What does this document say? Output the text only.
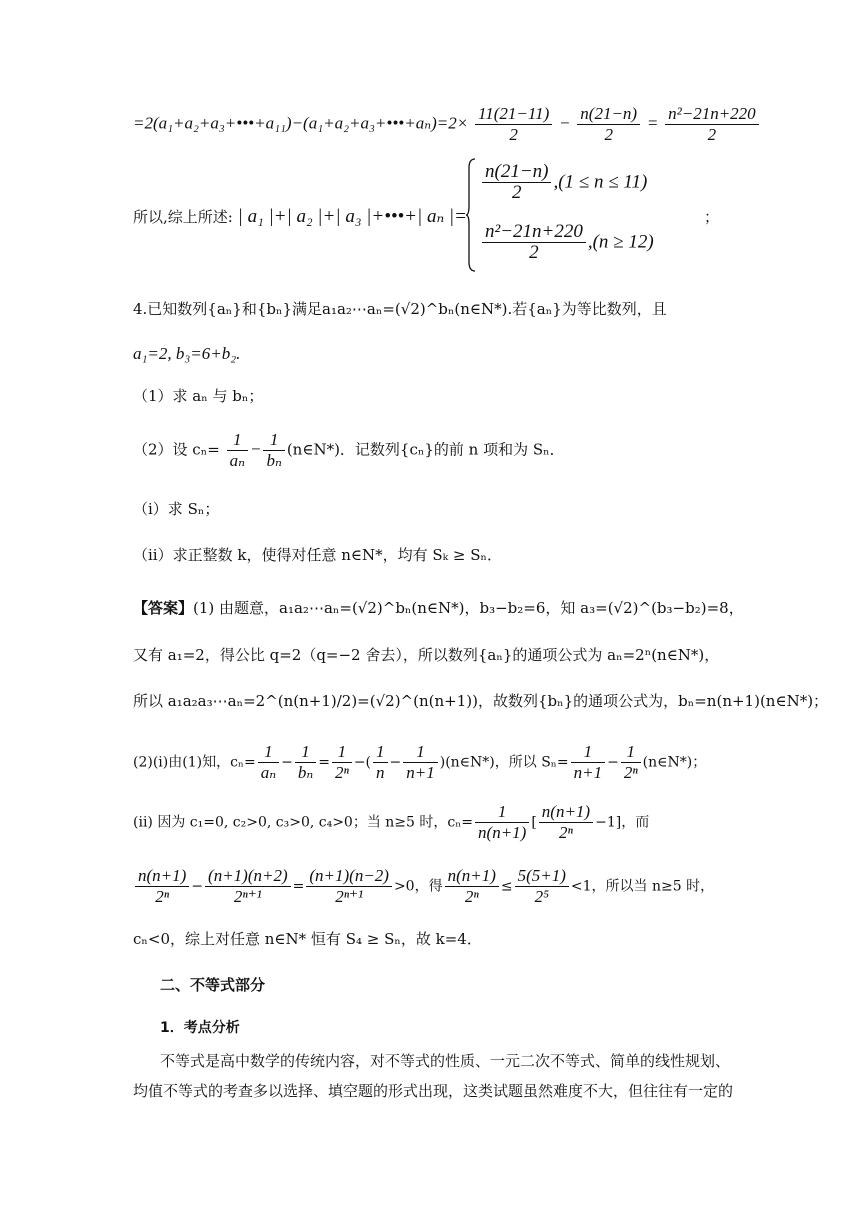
=2(a₁+a₂+a₃+•••+a₁₁)−(a₁+a₂+a₃+•••+aₙ)=2× $\frac{11(21-11)}{2} - \frac{n(21-n)}{2} = \frac{\text{n²−21n+220}}{2}$
所以,综上所述: | a₁ |+| a₂ |+| a₃ |+•••+| aₙ |=
$\frac{n(21-n)}{2} ,(1 \le n \le 11)$
$\frac{\text{n²−21n+220}}{2} ,(n \ge 12)$
；
4.已知数列{aₙ}和{bₙ}满足a₁a₂⋯aₙ=(√2)^bₙ(n∈N*).若{aₙ}为等比数列，且
a₁=2, b₃=6+b₂.
（1）求 aₙ 与 bₙ；
（2）设 $c_n= \frac{1}{\text{aₙ}} - \frac{1}{\text{bₙ}}$ (n∈N*)．记数列{cₙ}的前 n 项和为 Sₙ．
（i）求 Sₙ；
（ii）求正整数 k，使得对任意 n∈N*，均有 Sₖ ≥ Sₙ．
【答案】(1) 由题意，a₁a₂⋯aₙ=(√2)^bₙ(n∈N*)，b₃−b₂=6，知 a₃=(√2)^(b₃−b₂)=8，
又有 a₁=2，得公比 q=2（q=−2 舍去），所以数列{aₙ}的通项公式为 aₙ=2ⁿ(n∈N*)，
所以 a₁a₂a₃⋯aₙ=2^(n(n+1)/2)=(√2)^(n(n+1))，故数列{bₙ}的通项公式为，bₙ=n(n+1)(n∈N*)；
(2)(i)由(1)知，$c_n= \frac{1}{\text{aₙ}} - \frac{1}{\text{bₙ}} = \frac{1}{\text{2ⁿ}}$ −( $\frac{1}{n} - \frac{1}{n+1}$ )(n∈N*)，所以 $S_n= \frac{1}{n+1} - \frac{1}{\text{2ⁿ}}$ (n∈N*)；
(ii) 因为 c₁=0, c₂>0, c₃>0, c₄>0；当 n≥5 时，$c_n= \frac{1}{n(n+1)}$ [ $\frac{n(n+1)}{\text{2ⁿ}} -1$]，而
$\frac{n(n+1)}{\text{2ⁿ}} - \frac{(n+1)(n+2)}{\text{2ⁿ⁺¹}} = \frac{(n+1)(n-2)}{\text{2ⁿ⁺¹}} >0$，得 $\frac{n(n+1)}{\text{2ⁿ}} \le \frac{5(5+1)}{\text{2⁵}} <1$，所以当 n≥5 时，
cₙ<0，综上对任意 n∈N* 恒有 S₄ ≥ Sₙ，故 k=4．
二、不等式部分
1．考点分析
不等式是高中数学的传统内容，对不等式的性质、一元二次不等式、简单的线性规划、
均值不等式的考查多以选择、填空题的形式出现，这类试题虽然难度不大，但往往有一定的
